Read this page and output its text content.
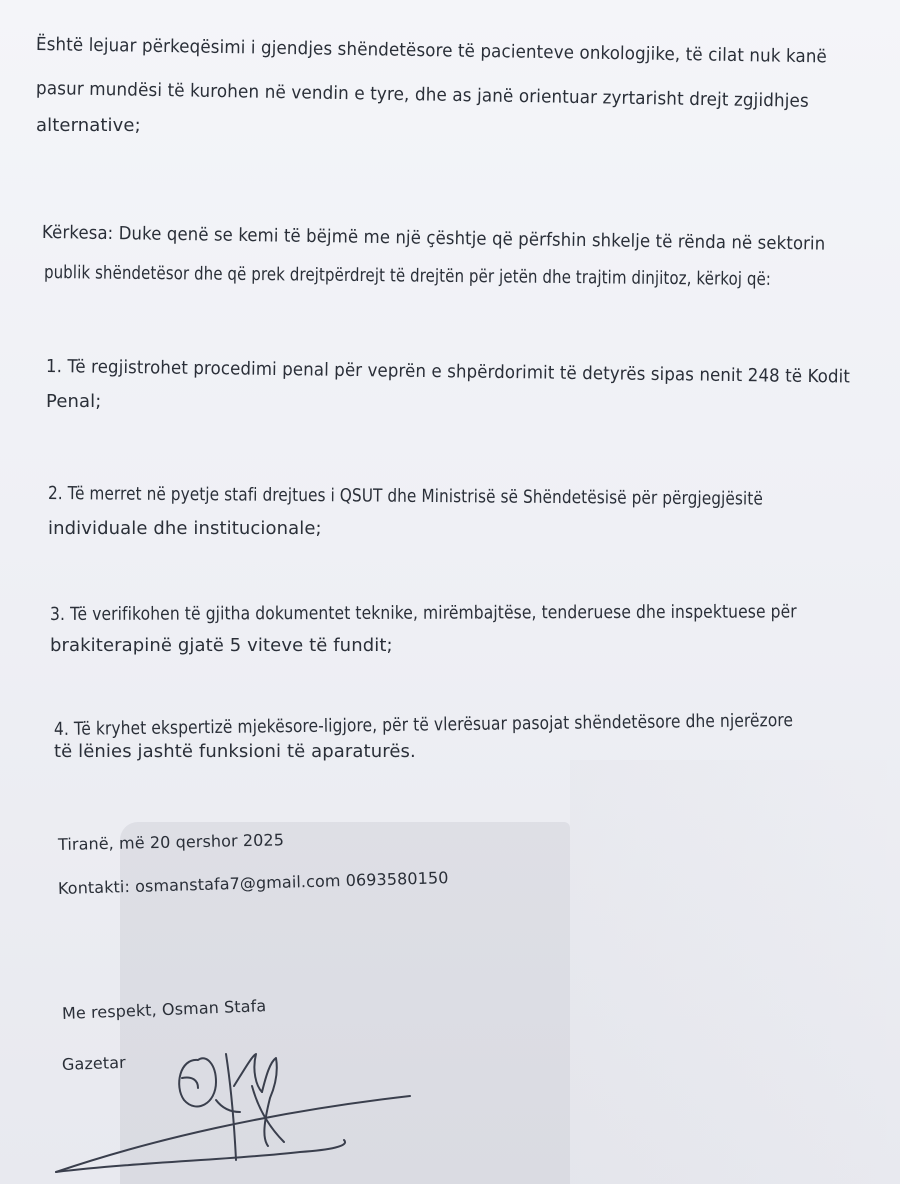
Është lejuar përkeqësimi i gjendjes shëndetësore të pacienteve onkologjike, të cilat nuk kanë

pasur mundësi të kurohen në vendin e tyre, dhe as janë orientuar zyrtarisht drejt zgjidhjes

alternative;

Kërkesa: Duke qenë se kemi të bëjmë me një çështje që përfshin shkelje të rënda në sektorin

publik shëndetësor dhe që prek drejtpërdrejt të drejtën për jetën dhe trajtim dinjitoz, kërkoj që:

1. Të regjistrohet procedimi penal për veprën e shpërdorimit të detyrës sipas nenit 248 të Kodit

Penal;

2. Të merret në pyetje stafi drejtues i QSUT dhe Ministrisë së Shëndetësisë për përgjegjësitë

individuale dhe institucionale;

3. Të verifikohen të gjitha dokumentet teknike, mirëmbajtëse, tenderuese dhe inspektuese për

brakiterapinë gjatë 5 viteve të fundit;

4. Të kryhet ekspertizë mjekësore-ligjore, për të vlerësuar pasojat shëndetësore dhe njerëzore

të lënies jashtë funksioni të aparaturës.

Tiranë, më 20 qershor 2025

Kontakti: osmanstafa7@gmail.com 0693580150

Me respekt, Osman Stafa

Gazetar
